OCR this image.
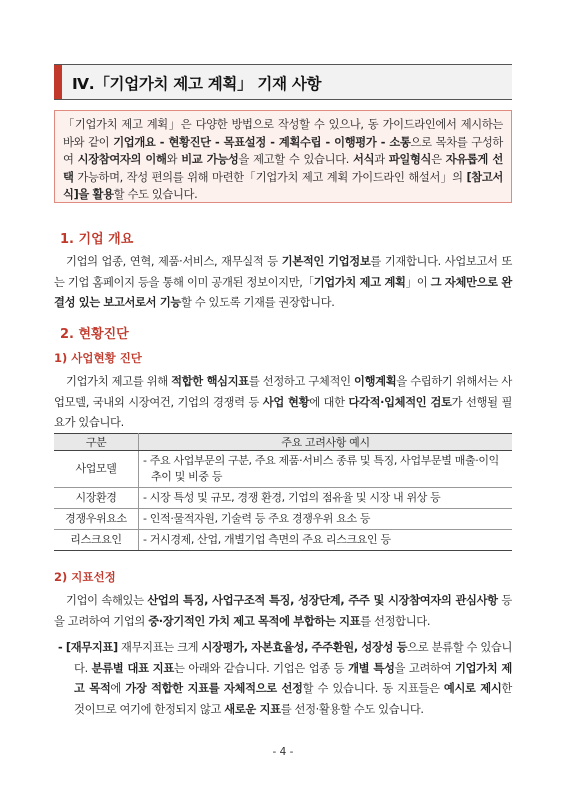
Ⅳ.「기업가치 제고 계획」 기재 사항
「기업가치 제고 계획」은 다양한 방법으로 작성할 수 있으나, 동 가이드라인에서 제시하는 바와 같이 기업개요 - 현황진단 - 목표설정 - 계획수립 - 이행평가 - 소통으로 목차를 구성하여 시장참여자의 이해와 비교 가능성을 제고할 수 있습니다. 서식과 파일형식은 자유롭게 선택 가능하며, 작성 편의를 위해 마련한「기업가치 제고 계획 가이드라인 해설서」의 [참고서식]을 활용할 수도 있습니다.
1. 기업 개요
기업의 업종, 연혁, 제품·서비스, 재무실적 등 기본적인 기업정보를 기재합니다. 사업보고서 또는 기업 홈페이지 등을 통해 이미 공개된 정보이지만,「기업가치 제고 계획」이 그 자체만으로 완결성 있는 보고서로서 기능할 수 있도록 기재를 권장합니다.
2. 현황진단
1) 사업현황 진단
기업가치 제고를 위해 적합한 핵심지표를 선정하고 구체적인 이행계획을 수립하기 위해서는 사업모델, 국내외 시장여건, 기업의 경쟁력 등 사업 현황에 대한 다각적·입체적인 검토가 선행될 필요가 있습니다.
구분	주요 고려사항 예시
사업모델	- 주요 사업부문의 구분, 주요 제품·서비스 종류 및 특징, 사업부문별 매출·이익 추이 및 비중 등
시장환경	- 시장 특성 및 규모, 경쟁 환경, 기업의 점유율 및 시장 내 위상 등
경쟁우위요소	- 인적·물적자원, 기술력 등 주요 경쟁우위 요소 등
리스크요인	- 거시경제, 산업, 개별기업 측면의 주요 리스크요인 등
2) 지표선정
기업이 속해있는 산업의 특징, 사업구조적 특징, 성장단계, 주주 및 시장참여자의 관심사항 등을 고려하여 기업의 중·장기적인 가치 제고 목적에 부합하는 지표를 선정합니다.
- [재무지표] 재무지표는 크게 시장평가, 자본효율성, 주주환원, 성장성 등으로 분류할 수 있습니다. 분류별 대표 지표는 아래와 같습니다. 기업은 업종 등 개별 특성을 고려하여 기업가치 제고 목적에 가장 적합한 지표를 자체적으로 선정할 수 있습니다. 동 지표들은 예시로 제시한 것이므로 여기에 한정되지 않고 새로운 지표를 선정·활용할 수도 있습니다.
- 4 -
